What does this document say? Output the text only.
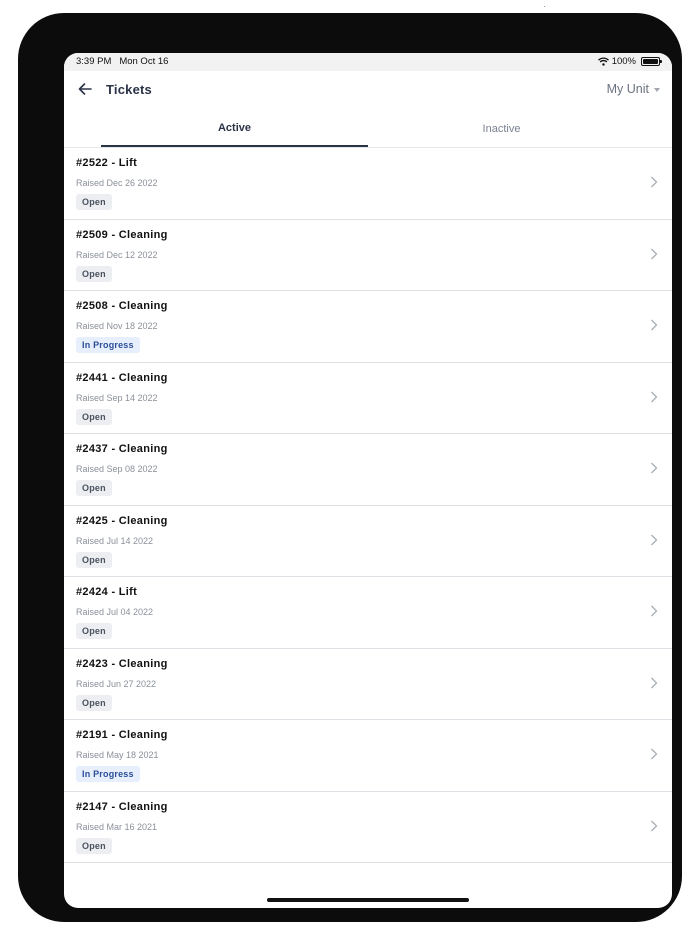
3:39 PM Mon Oct 16	100%
Tickets	My Unit
Active	Inactive
#2522 - Lift
Raised Dec 26 2022
Open
#2509 - Cleaning
Raised Dec 12 2022
Open
#2508 - Cleaning
Raised Nov 18 2022
In Progress
#2441 - Cleaning
Raised Sep 14 2022
Open
#2437 - Cleaning
Raised Sep 08 2022
Open
#2425 - Cleaning
Raised Jul 14 2022
Open
#2424 - Lift
Raised Jul 04 2022
Open
#2423 - Cleaning
Raised Jun 27 2022
Open
#2191 - Cleaning
Raised May 18 2021
In Progress
#2147 - Cleaning
Raised Mar 16 2021
Open
